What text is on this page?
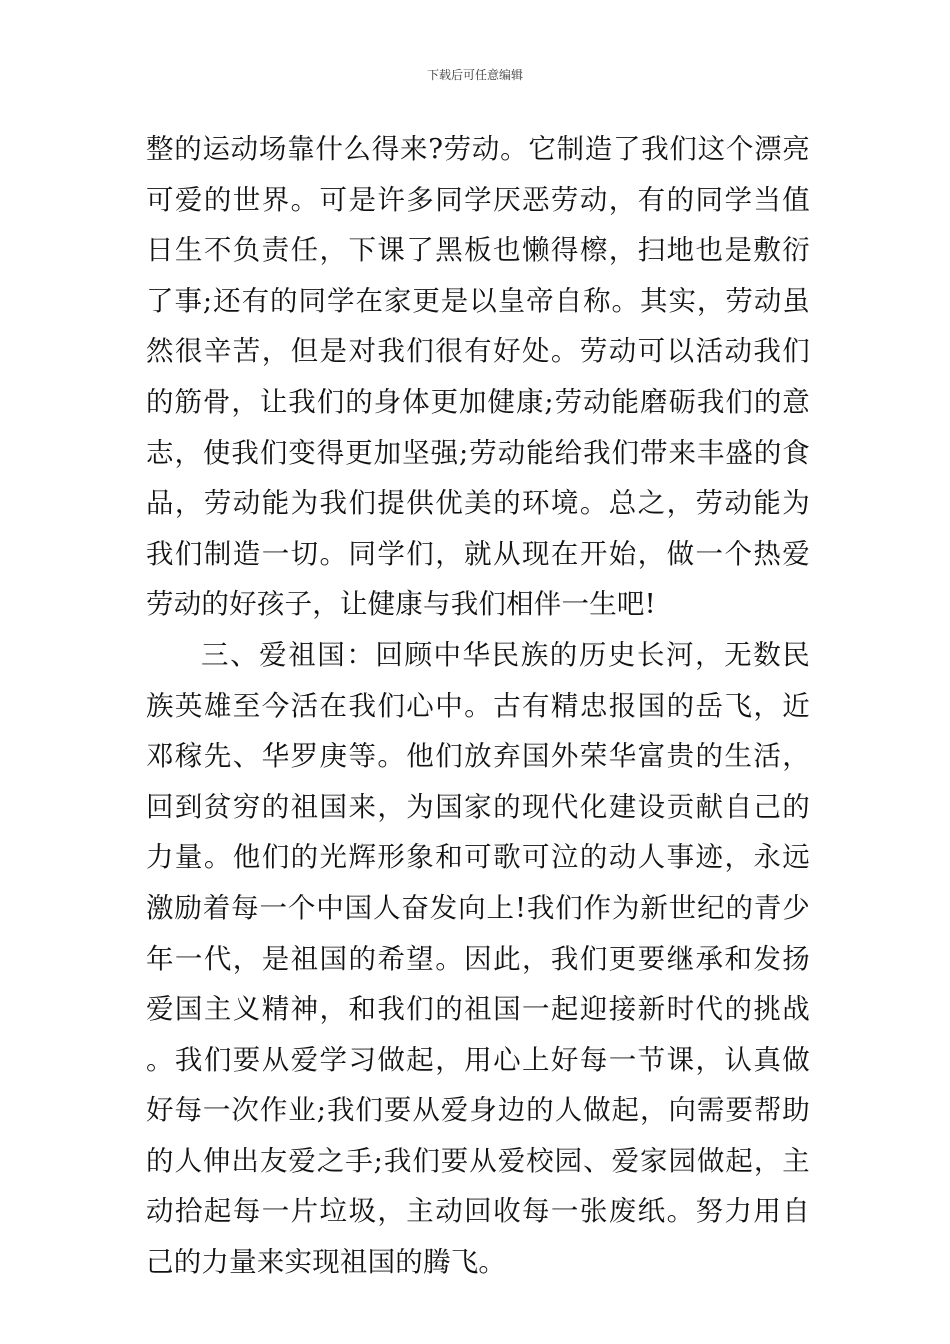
下载后可任意编辑

整的运动场靠什么得来?劳动。它制造了我们这个漂亮可爱的世界。可是许多同学厌恶劳动，有的同学当值日生不负责任，下课了黑板也懒得檫，扫地也是敷衍了事;还有的同学在家更是以皇帝自称。其实，劳动虽然很辛苦，但是对我们很有好处。劳动可以活动我们的筋骨，让我们的身体更加健康;劳动能磨砺我们的意志，使我们变得更加坚强;劳动能给我们带来丰盛的食品，劳动能为我们提供优美的环境。总之，劳动能为我们制造一切。同学们，就从现在开始，做一个热爱劳动的好孩子，让健康与我们相伴一生吧!

三、爱祖国：回顾中华民族的历史长河，无数民族英雄至今活在我们心中。古有精忠报国的岳飞，近邓稼先、华罗庚等。他们放弃国外荣华富贵的生活，回到贫穷的祖国来，为国家的现代化建设贡献自己的力量。他们的光辉形象和可歌可泣的动人事迹，永远激励着每一个中国人奋发向上!我们作为新世纪的青少年一代，是祖国的希望。因此，我们更要继承和发扬爱国主义精神，和我们的祖国一起迎接新时代的挑战。我们要从爱学习做起，用心上好每一节课，认真做好每一次作业;我们要从爱身边的人做起，向需要帮助的人伸出友爱之手;我们要从爱校园、爱家园做起，主动拾起每一片垃圾，主动回收每一张废纸。努力用自己的力量来实现祖国的腾飞。
